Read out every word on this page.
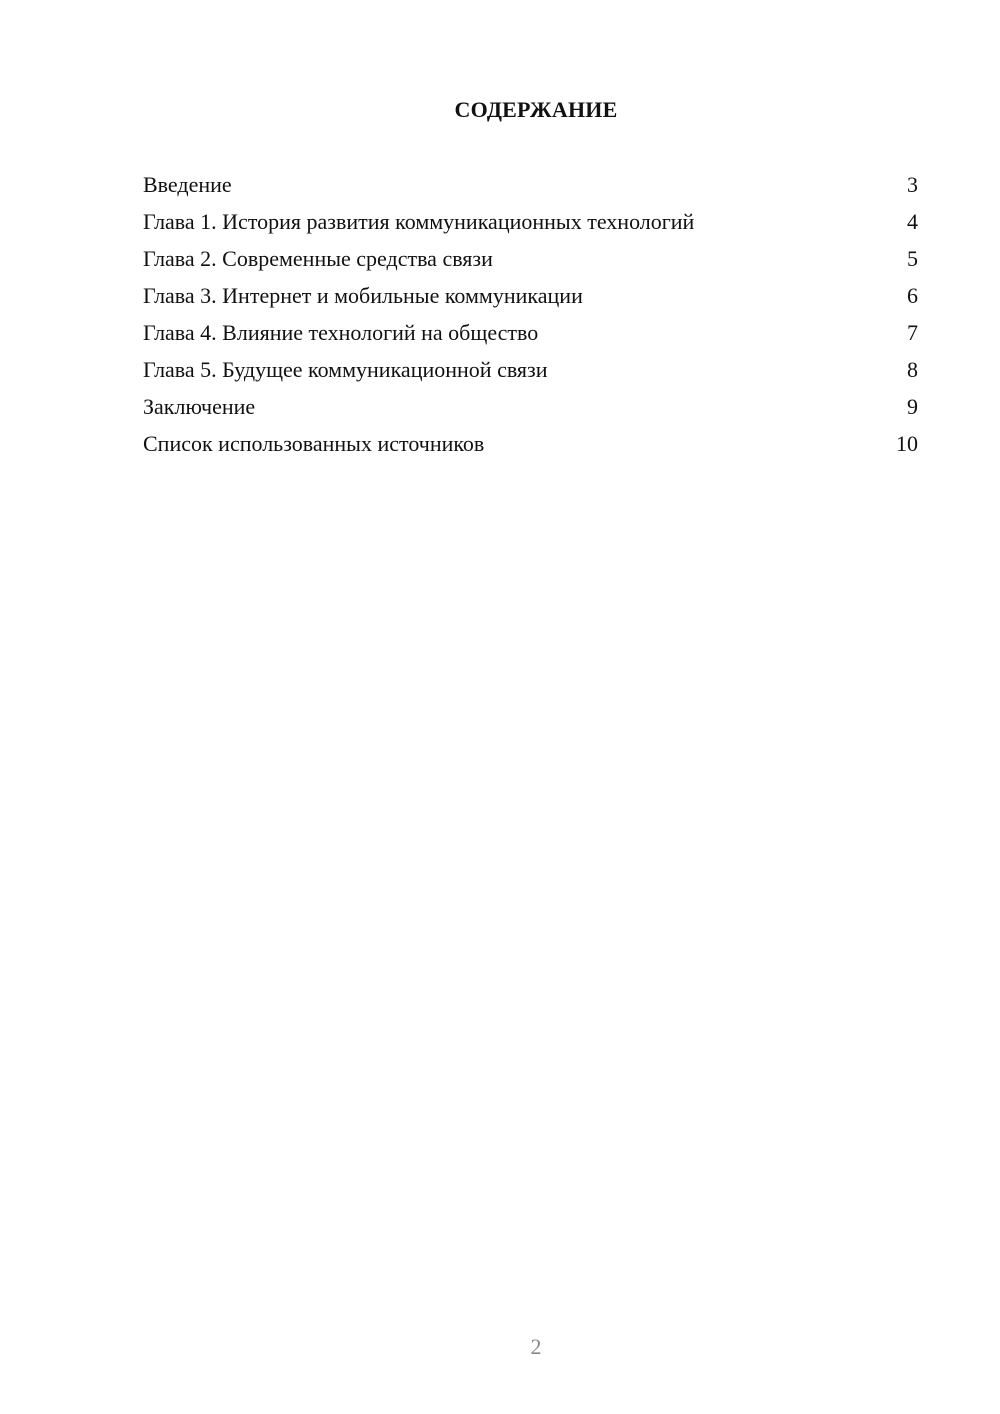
СОДЕРЖАНИЕ
Введение	3
Глава 1. История развития коммуникационных технологий	4
Глава 2. Современные средства связи	5
Глава 3. Интернет и мобильные коммуникации	6
Глава 4. Влияние технологий на общество	7
Глава 5. Будущее коммуникационной связи	8
Заключение	9
Список использованных источников	10
2
